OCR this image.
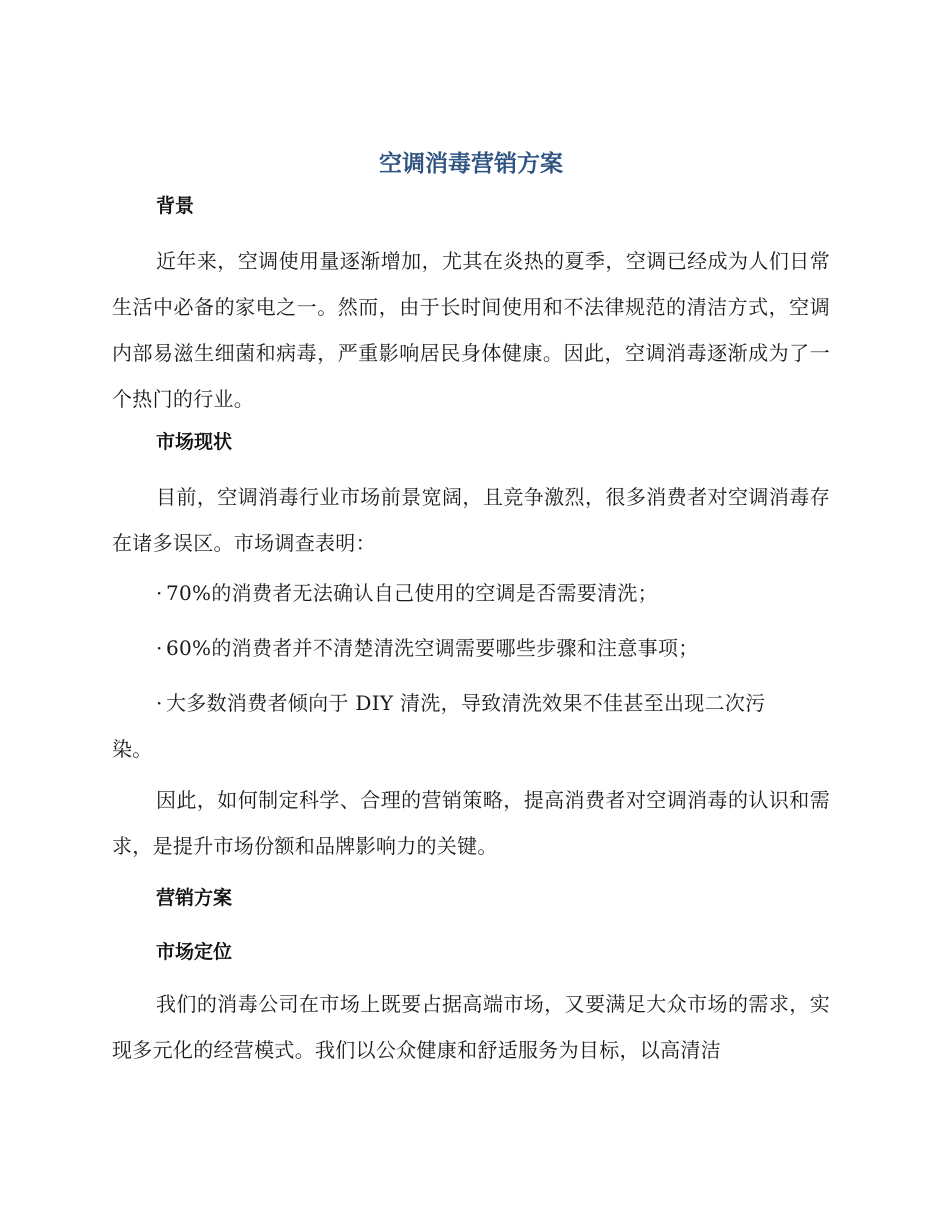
空调消毒营销方案
背景

近年来，空调使用量逐渐增加，尤其在炎热的夏季，空调已经成为人们日常生活中必备的家电之一。然而，由于长时间使用和不法律规范的清洁方式，空调内部易滋生细菌和病毒，严重影响居民身体健康。因此，空调消毒逐渐成为了一个热门的行业。

市场现状

目前，空调消毒行业市场前景宽阔，且竞争激烈，很多消费者对空调消毒存在诸多误区。市场调查表明：

· 70%的消费者无法确认自己使用的空调是否需要清洗；

· 60%的消费者并不清楚清洗空调需要哪些步骤和注意事项；

· 大多数消费者倾向于 DIY 清洗，导致清洗效果不佳甚至出现二次污染。

因此，如何制定科学、合理的营销策略，提高消费者对空调消毒的认识和需求，是提升市场份额和品牌影响力的关键。

营销方案
市场定位

我们的消毒公司在市场上既要占据高端市场，又要满足大众市场的需求，实现多元化的经营模式。我们以公众健康和舒适服务为目标，以高清洁
